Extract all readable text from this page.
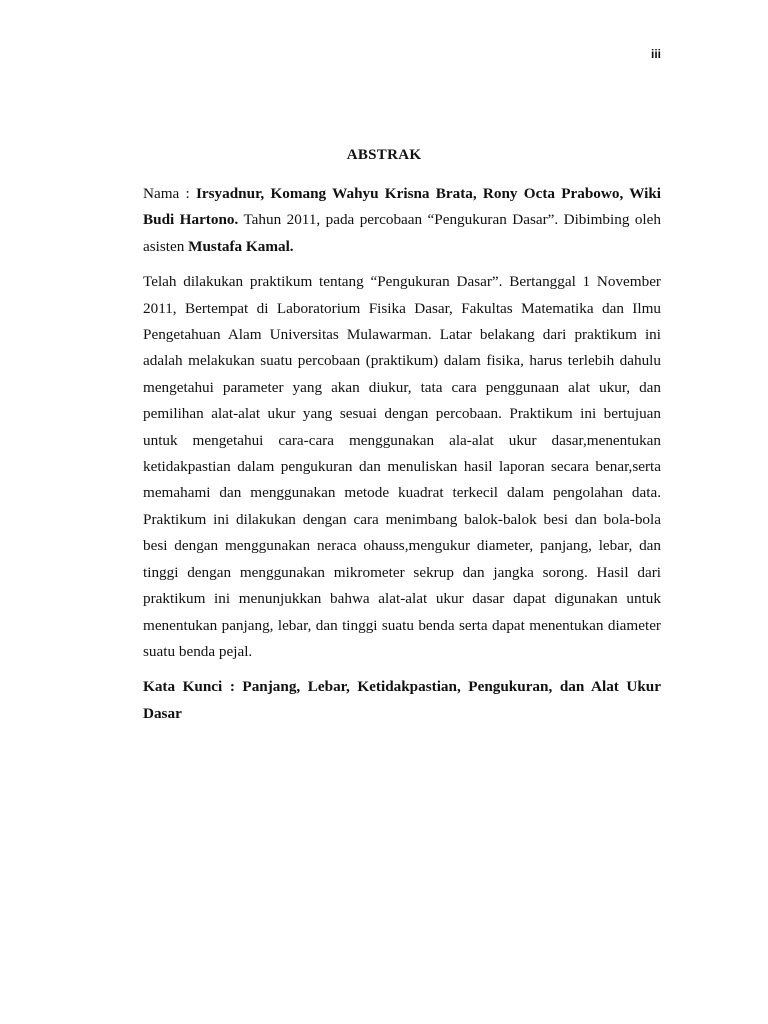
iii
ABSTRAK

Nama : Irsyadnur, Komang Wahyu Krisna Brata, Rony Octa Prabowo, Wiki Budi Hartono. Tahun 2011, pada percobaan “Pengukuran Dasar”. Dibimbing oleh asisten Mustafa Kamal.

Telah dilakukan praktikum tentang “Pengukuran Dasar”. Bertanggal 1 November 2011, Bertempat di Laboratorium Fisika Dasar, Fakultas Matematika dan Ilmu Pengetahuan Alam Universitas Mulawarman. Latar belakang dari praktikum ini adalah melakukan suatu percobaan (praktikum) dalam fisika, harus terlebih dahulu mengetahui parameter yang akan diukur, tata cara penggunaan alat ukur, dan pemilihan alat-alat ukur yang sesuai dengan percobaan. Praktikum ini bertujuan untuk mengetahui cara-cara menggunakan ala-alat ukur dasar,menentukan ketidakpastian dalam pengukuran dan menuliskan hasil laporan secara benar,serta memahami dan menggunakan metode kuadrat terkecil dalam pengolahan data. Praktikum ini dilakukan dengan cara menimbang balok-balok besi dan bola-bola besi dengan menggunakan neraca ohauss,mengukur diameter, panjang, lebar, dan tinggi dengan menggunakan mikrometer sekrup dan jangka sorong. Hasil dari praktikum ini menunjukkan bahwa alat-alat ukur dasar dapat digunakan untuk menentukan panjang, lebar, dan tinggi suatu benda serta dapat menentukan diameter suatu benda pejal.

Kata Kunci : Panjang, Lebar, Ketidakpastian, Pengukuran, dan Alat Ukur Dasar
